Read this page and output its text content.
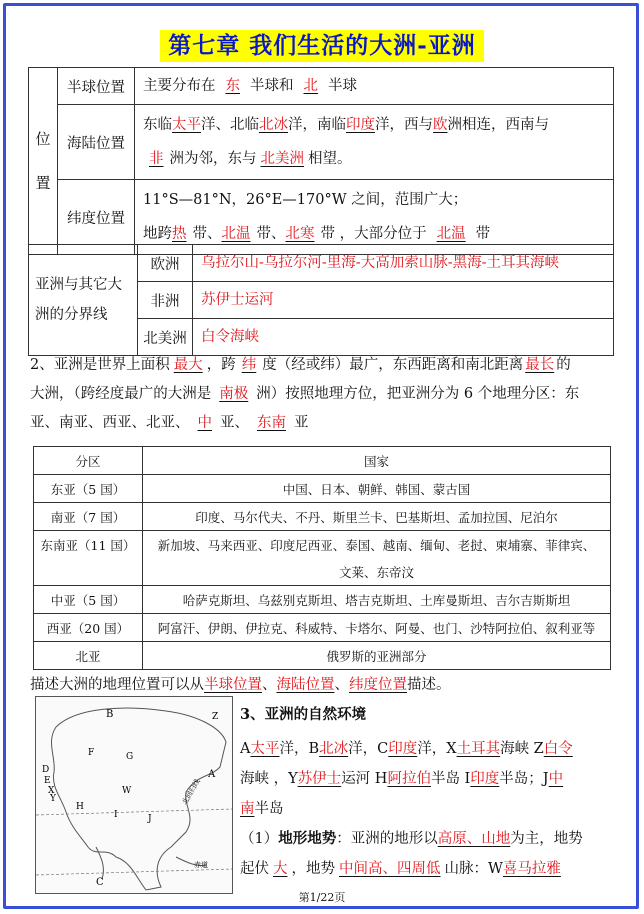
第七章 我们生活的大洲-亚洲
位
置	半球位置	主要分布在 东 半球和 北 半球
	海陆位置	东临太平洋、北临北冰洋，南临印度洋，西与欧洲相连，西南与
非 洲为邻，东与 北美洲 相望。
	纬度位置	11°S—81°N，26°E—170°W 之间，范围广大；
地跨热 带、北温 带、北寒 带 ，大部分位于 北温 带
亚洲与其它大洲的分界线	欧洲	乌拉尔山-乌拉尔河-里海-大高加索山脉-黑海-土耳其海峡
	非洲	苏伊士运河
	北美洲	白令海峡
2、亚洲是世界上面积 最大 ，跨 纬 度（经或纬）最广，东西距离和南北距离 最长 的
大洲，（跨经度最广的大洲是 南极 洲）按照地理方位，把亚洲分为 6 个地理分区：东
亚、南亚、西亚、北亚、 中 亚、 东南 亚
分区	国家
东亚（5 国）	中国、日本、朝鲜、韩国、蒙古国
南亚（7 国）	印度、马尔代夫、不丹、斯里兰卡、巴基斯坦、孟加拉国、尼泊尔
东南亚（11 国）	新加坡、马来西亚、印度尼西亚、泰国、越南、缅甸、老挝、柬埔寨、菲律宾、
	文莱、东帝汶
中亚（5 国）	哈萨克斯坦、乌兹别克斯坦、塔吉克斯坦、土库曼斯坦、吉尔吉斯斯坦
西亚（20 国）	阿富汗、伊朗、伊拉克、科威特、卡塔尔、阿曼、也门、沙特阿拉伯、叙利亚等
北亚	俄罗斯的亚洲部分
描述大洲的地理位置可以从半球位置、海陆位置、纬度位置描述。
B
A
C
D
E
F	G
H
I	J
W
X
Y
Z
北回归线
赤道
3、亚洲的自然环境
A太平洋，B北冰洋，C印度洋，X土耳其海峡 Z白令
海峡 ，Y苏伊士运河 H阿拉伯半岛 I印度半岛；J中
南半岛
（1）地形地势：亚洲的地形以高原、山地为主，地势
起伏 大 ，地势 中间高、四周低 山脉：W喜马拉雅
第1/22页
